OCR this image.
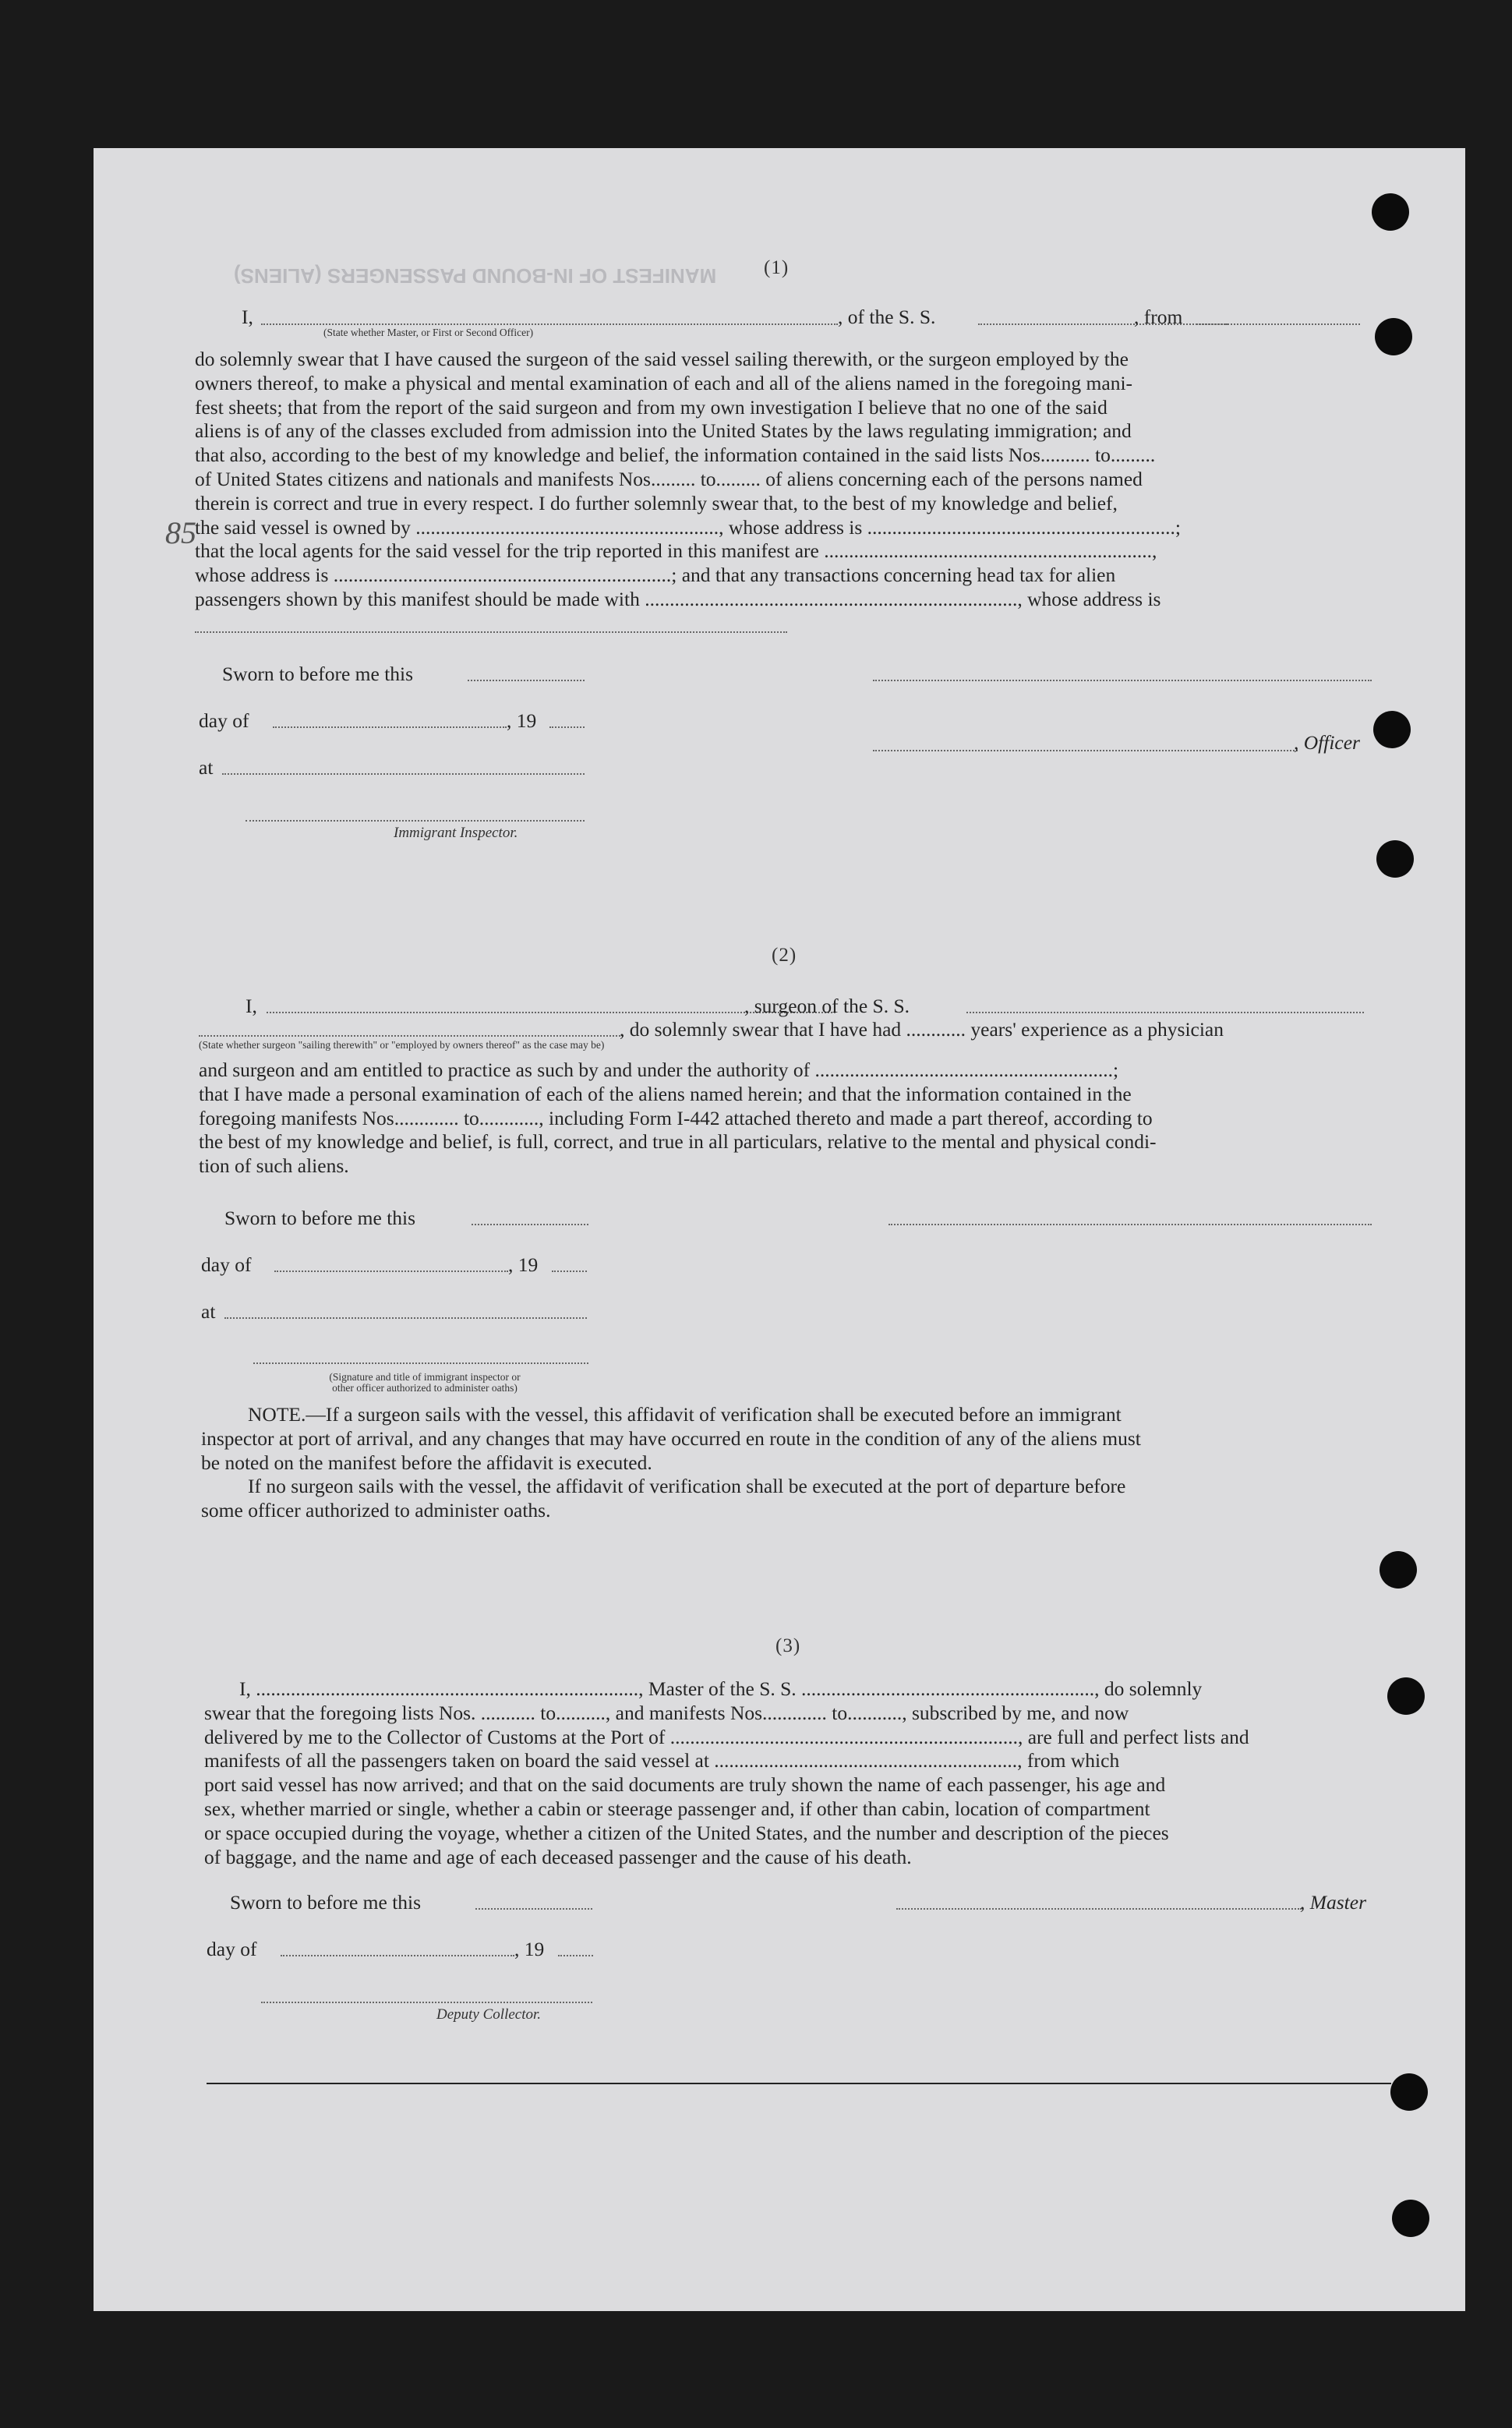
MANIFEST OF IN-BOUND PASSENGERS (ALIENS) (1)
I,	, of the S. S.	, from
(State whether Master, or First or Second Officer)
do solemnly swear that I have caused the surgeon of the said vessel sailing therewith, or the surgeon employed by the
owners thereof, to make a physical and mental examination of each and all of the aliens named in the foregoing mani-
fest sheets; that from the report of the said surgeon and from my own investigation I believe that no one of the said
aliens is of any of the classes excluded from admission into the United States by the laws regulating immigration; and
that also, according to the best of my knowledge and belief, the information contained in the said lists Nos.......... to.........
of United States citizens and nationals and manifests Nos......... to......... of aliens concerning each of the persons named
therein is correct and true in every respect. I do further solemnly swear that, to the best of my knowledge and belief,
the said vessel is owned by ............................................................., whose address is ..............................................................;
that the local agents for the said vessel for the trip reported in this manifest are ..................................................................,
whose address is ....................................................................; and that any transactions concerning head tax for alien
passengers shown by this manifest should be made with ..........................................................................., whose address is
85
Sworn to before me this
day of	, 19
at
, Officer
Immigrant Inspector.
(2)
I,	, surgeon of the S. S.
, do solemnly swear that I have had ............ years' experience as a physician
(State whether surgeon "sailing therewith" or "employed by owners thereof" as the case may be)
and surgeon and am entitled to practice as such by and under the authority of ............................................................;
that I have made a personal examination of each of the aliens named herein; and that the information contained in the
foregoing manifests Nos............. to............, including Form I-442 attached thereto and made a part thereof, according to
the best of my knowledge and belief, is full, correct, and true in all particulars, relative to the mental and physical condi-
tion of such aliens.
Sworn to before me this
day of	, 19
at
(Signature and title of immigrant inspector or
other officer authorized to administer oaths)
NOTE.—If a surgeon sails with the vessel, this affidavit of verification shall be executed before an immigrant
inspector at port of arrival, and any changes that may have occurred en route in the condition of any of the aliens must
be noted on the manifest before the affidavit is executed.
If no surgeon sails with the vessel, the affidavit of verification shall be executed at the port of departure before
some officer authorized to administer oaths.
(3)
I, ............................................................................., Master of the S. S. ..........................................................., do solemnly
swear that the foregoing lists Nos. ........... to.........., and manifests Nos............. to..........., subscribed by me, and now
delivered by me to the Collector of Customs at the Port of ......................................................................, are full and perfect lists and
manifests of all the passengers taken on board the said vessel at ............................................................., from which
port said vessel has now arrived; and that on the said documents are truly shown the name of each passenger, his age and
sex, whether married or single, whether a cabin or steerage passenger and, if other than cabin, location of compartment
or space occupied during the voyage, whether a citizen of the United States, and the number and description of the pieces
of baggage, and the name and age of each deceased passenger and the cause of his death.
Sworn to before me this	, Master
day of	, 19
Deputy Collector.
